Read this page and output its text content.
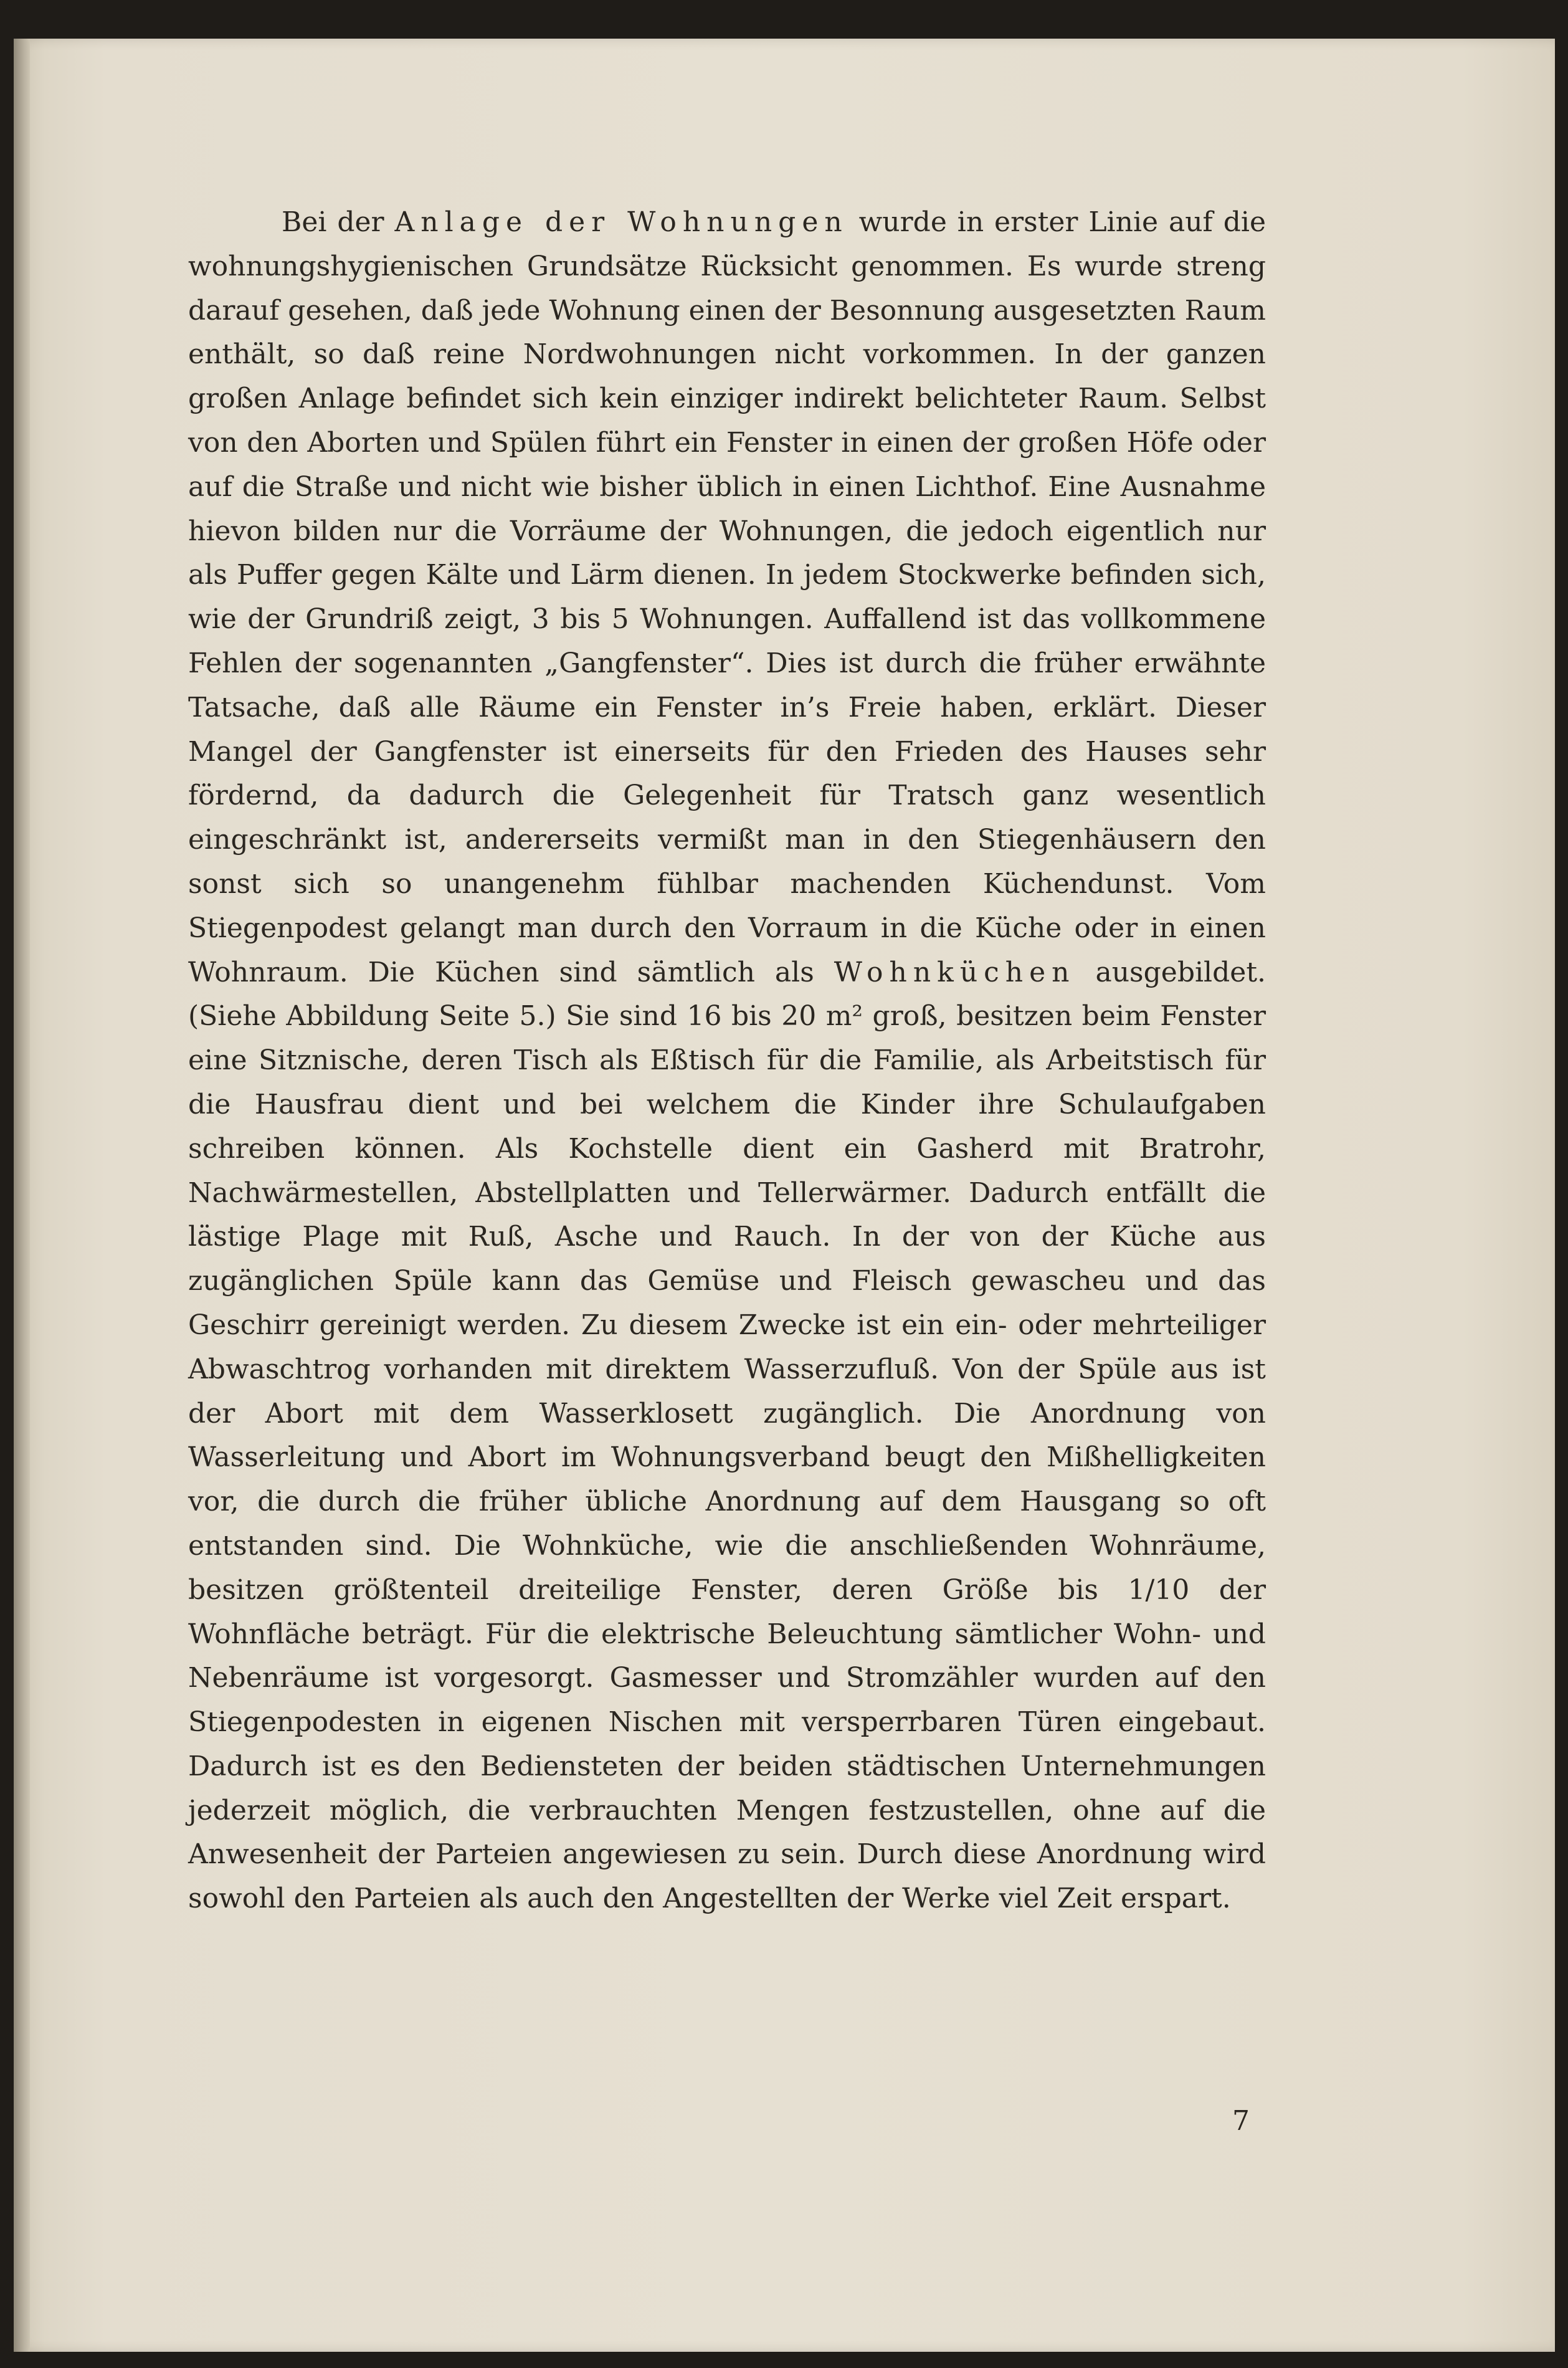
Bei der Anlage der Wohnungen wurde in erster Linie auf die wohnungshygienischen Grundsätze Rücksicht genommen. Es wurde streng darauf gesehen, daß jede Wohnung einen der Besonnung ausgesetzten Raum enthält, so daß reine Nordwohnungen nicht vorkommen. In der ganzen großen Anlage befindet sich kein einziger indirekt belichteter Raum. Selbst von den Aborten und Spülen führt ein Fenster in einen der großen Höfe oder auf die Straße und nicht wie bisher üblich in einen Lichthof. Eine Ausnahme hievon bilden nur die Vorräume der Wohnungen, die jedoch eigentlich nur als Puffer gegen Kälte und Lärm dienen. In jedem Stockwerke befinden sich, wie der Grundriß zeigt, 3 bis 5 Wohnungen. Auffallend ist das vollkommene Fehlen der sogenannten „Gangfenster“. Dies ist durch die früher erwähnte Tatsache, daß alle Räume ein Fenster in’s Freie haben, erklärt. Dieser Mangel der Gangfenster ist einerseits für den Frieden des Hauses sehr fördernd, da dadurch die Gelegenheit für Tratsch ganz wesentlich eingeschränkt ist, andererseits vermißt man in den Stiegenhäusern den sonst sich so unangenehm fühlbar machenden Küchendunst. Vom Stiegenpodest gelangt man durch den Vorraum in die Küche oder in einen Wohnraum. Die Küchen sind sämtlich als Wohnküchen ausgebildet. (Siehe Abbildung Seite 5.) Sie sind 16 bis 20 m² groß, besitzen beim Fenster eine Sitznische, deren Tisch als Eßtisch für die Familie, als Arbeitstisch für die Hausfrau dient und bei welchem die Kinder ihre Schulaufgaben schreiben können. Als Kochstelle dient ein Gasherd mit Bratrohr, Nachwärmestellen, Abstellplatten und Tellerwärmer. Dadurch entfällt die lästige Plage mit Ruß, Asche und Rauch. In der von der Küche aus zugänglichen Spüle kann das Gemüse und Fleisch gewascheu und das Geschirr gereinigt werden. Zu diesem Zwecke ist ein ein- oder mehrteiliger Abwaschtrog vorhanden mit direktem Wasserzufluß. Von der Spüle aus ist der Abort mit dem Wasserklosett zugänglich. Die Anordnung von Wasserleitung und Abort im Wohnungsverband beugt den Mißhelligkeiten vor, die durch die früher übliche Anordnung auf dem Hausgang so oft entstanden sind. Die Wohnküche, wie die anschließenden Wohnräume, besitzen größtenteil dreiteilige Fenster, deren Größe bis 1/10 der Wohnfläche beträgt. Für die elektrische Beleuchtung sämtlicher Wohn- und Nebenräume ist vorgesorgt. Gasmesser und Stromzähler wurden auf den Stiegenpodesten in eigenen Nischen mit versperrbaren Türen eingebaut. Dadurch ist es den Bediensteten der beiden städtischen Unternehmungen jederzeit möglich, die verbrauchten Mengen festzustellen, ohne auf die Anwesenheit der Parteien angewiesen zu sein. Durch diese Anordnung wird sowohl den Parteien als auch den Angestellten der Werke viel Zeit erspart.

7
